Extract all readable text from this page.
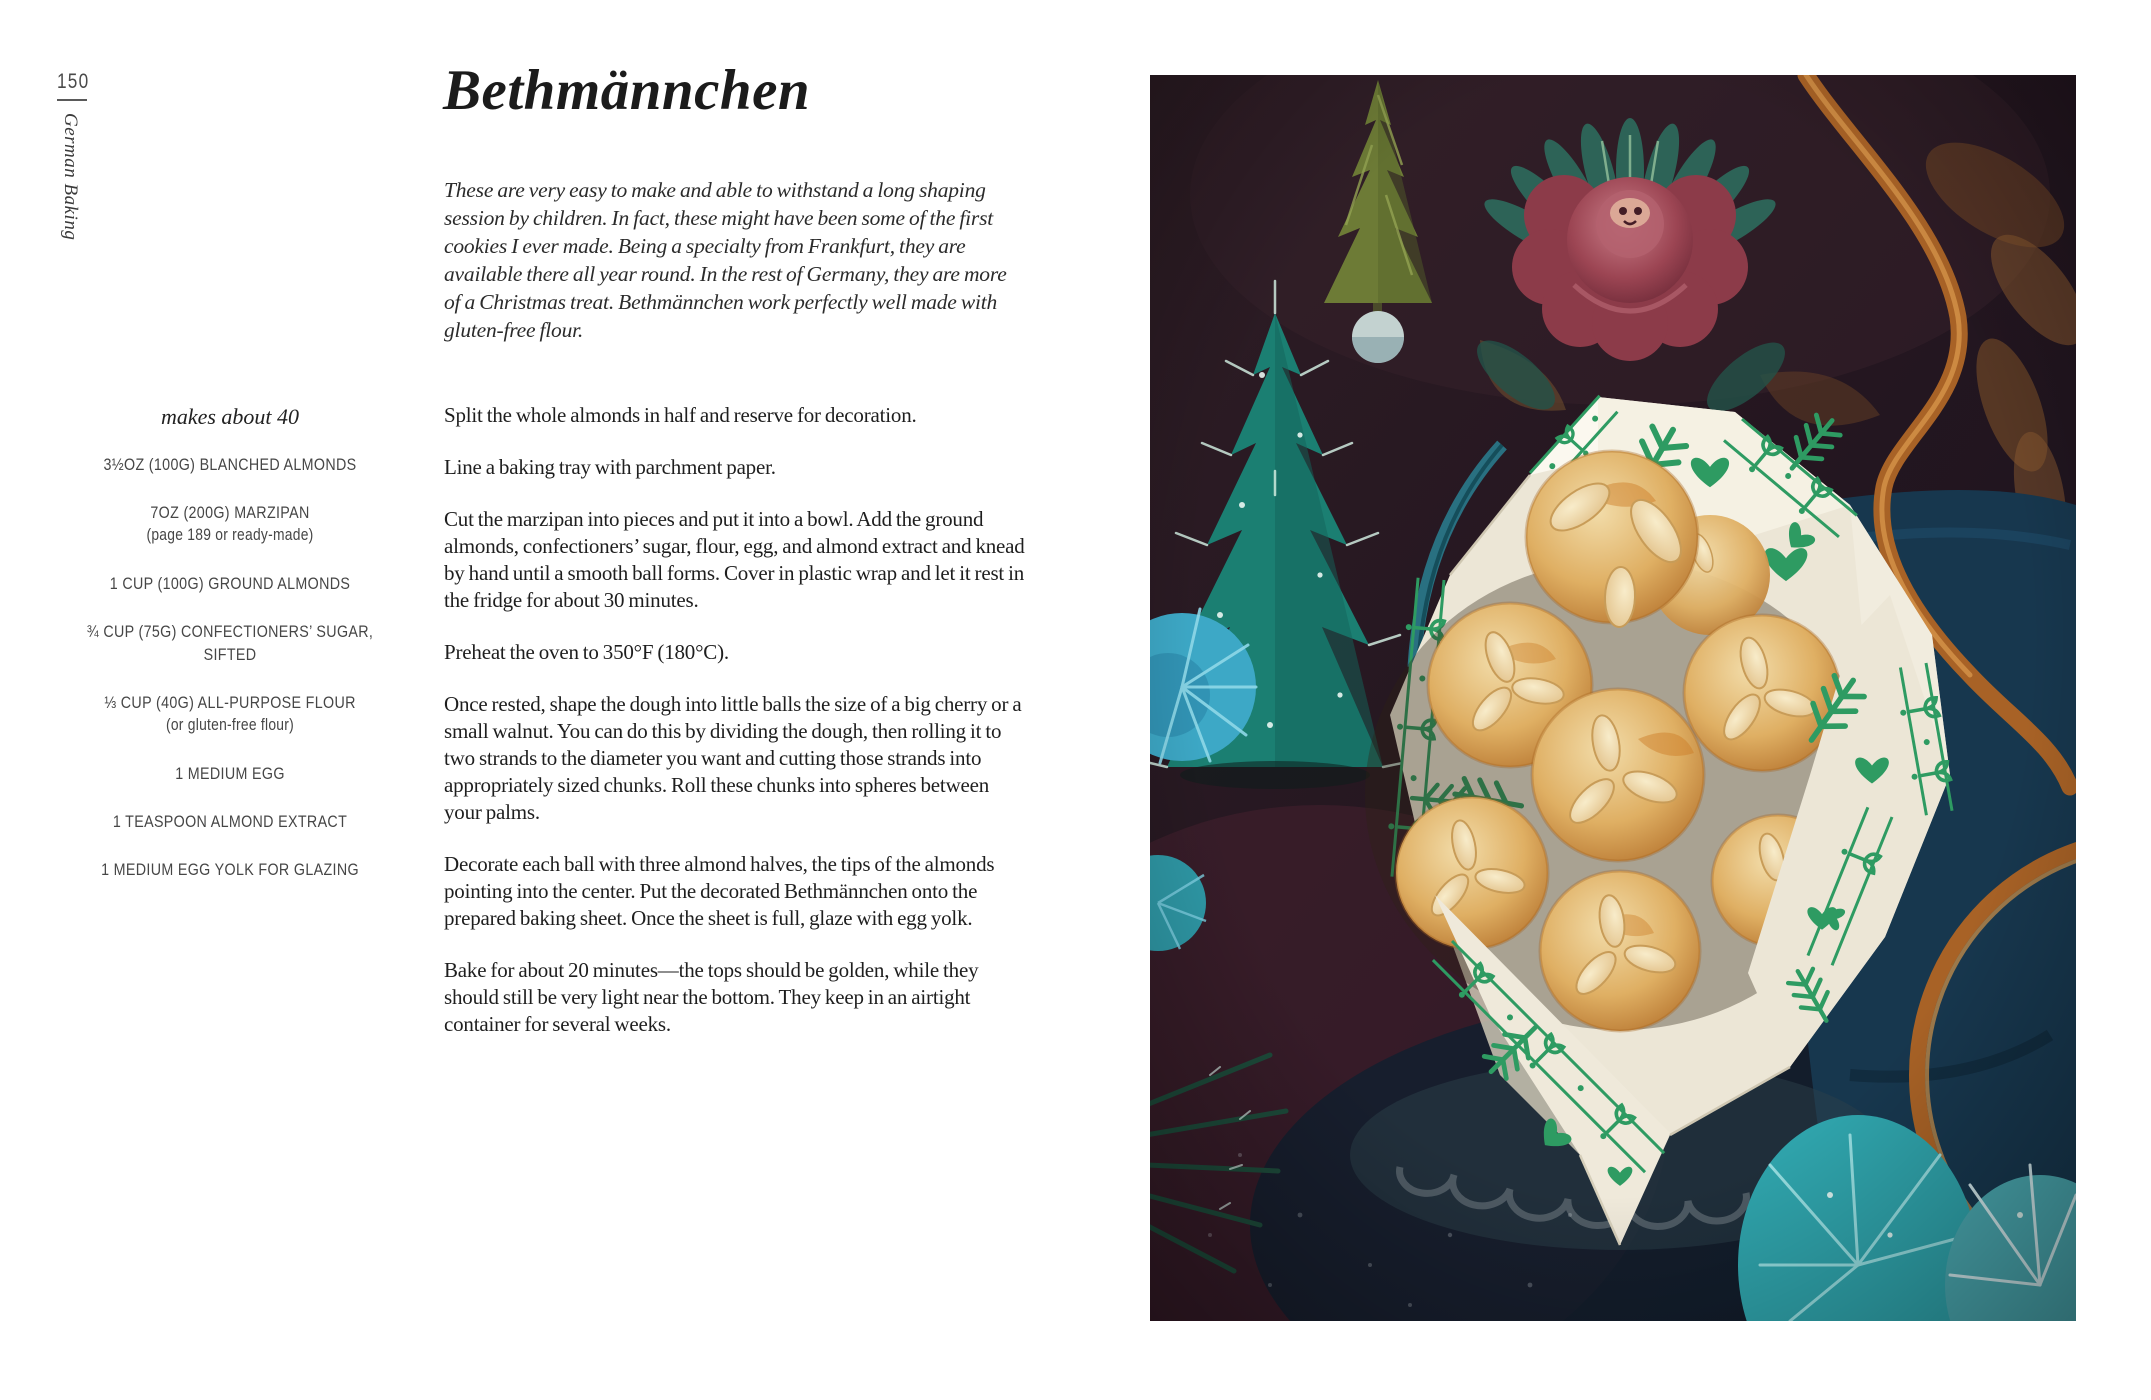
150
German Baking
Bethmännchen

These are very easy to make and able to withstand a long shaping session by children. In fact, these might have been some of the first cookies I ever made. Being a specialty from Frankfurt, they are available there all year round. In the rest of Germany, they are more of a Christmas treat. Bethmännchen work perfectly well made with gluten-free flour.

makes about 40
3½OZ (100G) BLANCHED ALMONDS
7OZ (200G) MARZIPAN
(page 189 or ready-made)
1 CUP (100G) GROUND ALMONDS
¾ CUP (75G) CONFECTIONERS’ SUGAR, SIFTED
⅓ CUP (40G) ALL-PURPOSE FLOUR
(or gluten-free flour)
1 MEDIUM EGG
1 TEASPOON ALMOND EXTRACT
1 MEDIUM EGG YOLK FOR GLAZING

Split the whole almonds in half and reserve for decoration.

Line a baking tray with parchment paper.

Cut the marzipan into pieces and put it into a bowl. Add the ground almonds, confectioners’ sugar, flour, egg, and almond extract and knead by hand until a smooth ball forms. Cover in plastic wrap and let it rest in the fridge for about 30 minutes.

Preheat the oven to 350°F (180°C).

Once rested, shape the dough into little balls the size of a big cherry or a small walnut. You can do this by dividing the dough, then rolling it to two strands to the diameter you want and cutting those strands into appropriately sized chunks. Roll these chunks into spheres between your palms.

Decorate each ball with three almond halves, the tips of the almonds pointing into the center. Put the decorated Bethmännchen onto the prepared baking sheet. Once the sheet is full, glaze with egg yolk.

Bake for about 20 minutes—the tops should be golden, while they should still be very light near the bottom. They keep in an airtight container for several weeks.
